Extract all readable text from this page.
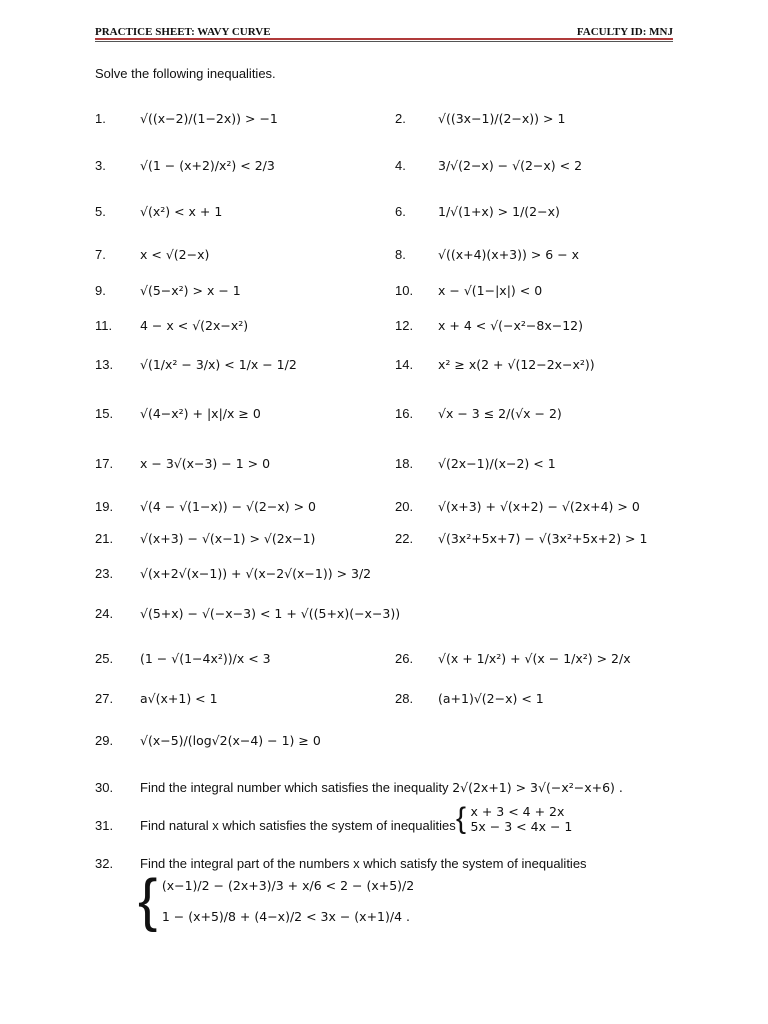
PRACTICE SHEET: WAVY CURVE	FACULTY ID: MNJ
Solve the following inequalities.
1.	√((x−2)/(1−2x)) > −1	2.	√((3x−1)/(2−x)) > 1
3.	√(1 − (x+2)/x²) < 2/3	4.	3/√(2−x) − √(2−x) < 2
5.	√(x²) < x + 1	6.	1/√(1+x) > 1/(2−x)
7.	x < √(2−x)	8.	√((x+4)(x+3)) > 6 − x
9.	√(5−x²) > x − 1	10.	x − √(1−|x|) < 0
11.	4 − x < √(2x−x²)	12.	x + 4 < √(−x²−8x−12)
13.	√(1/x² − 3/x) < 1/x − 1/2	14.	x² ≥ x(2 + √(12−2x−x²))
15.	√(4−x²) + |x|/x ≥ 0	16.	√x − 3 ≤ 2/(√x − 2)
17.	x − 3√(x−3) − 1 > 0	18.	√(2x−1)/(x−2) < 1
19.	√(4 − √(1−x)) − √(2−x) > 0	20.	√(x+3) + √(x+2) − √(2x+4) > 0
21.	√(x+3) − √(x−1) > √(2x−1)	22.	√(3x²+5x+7) − √(3x²+5x+2) > 1
23.	√(x+2√(x−1)) + √(x−2√(x−1)) > 3/2
24.	√(5+x) − √(−x−3) < 1 + √((5+x)(−x−3))
25.	(1 − √(1−4x²))/x < 3	26.	√(x + 1/x²) + √(x − 1/x²) > 2/x
27.	a√(x+1) < 1	28.	(a+1)√(2−x) < 1
29.	√(x−5)/(log√2(x−4) − 1) ≥ 0
30.	Find the integral number which satisfies the inequality 2√(2x+1) > 3√(−x²−x+6) .
31.	Find natural x which satisfies the system of inequalities { x + 3 < 4 + 2x
5x − 3 < 4x − 1
32.	Find the integral part of the numbers x which satisfy the system of inequalities
{ (x−1)/2 − (2x+3)/3 + x/6 < 2 − (x+5)/2
1 − (x+5)/8 + (4−x)/2 < 3x − (x+1)/4 .
